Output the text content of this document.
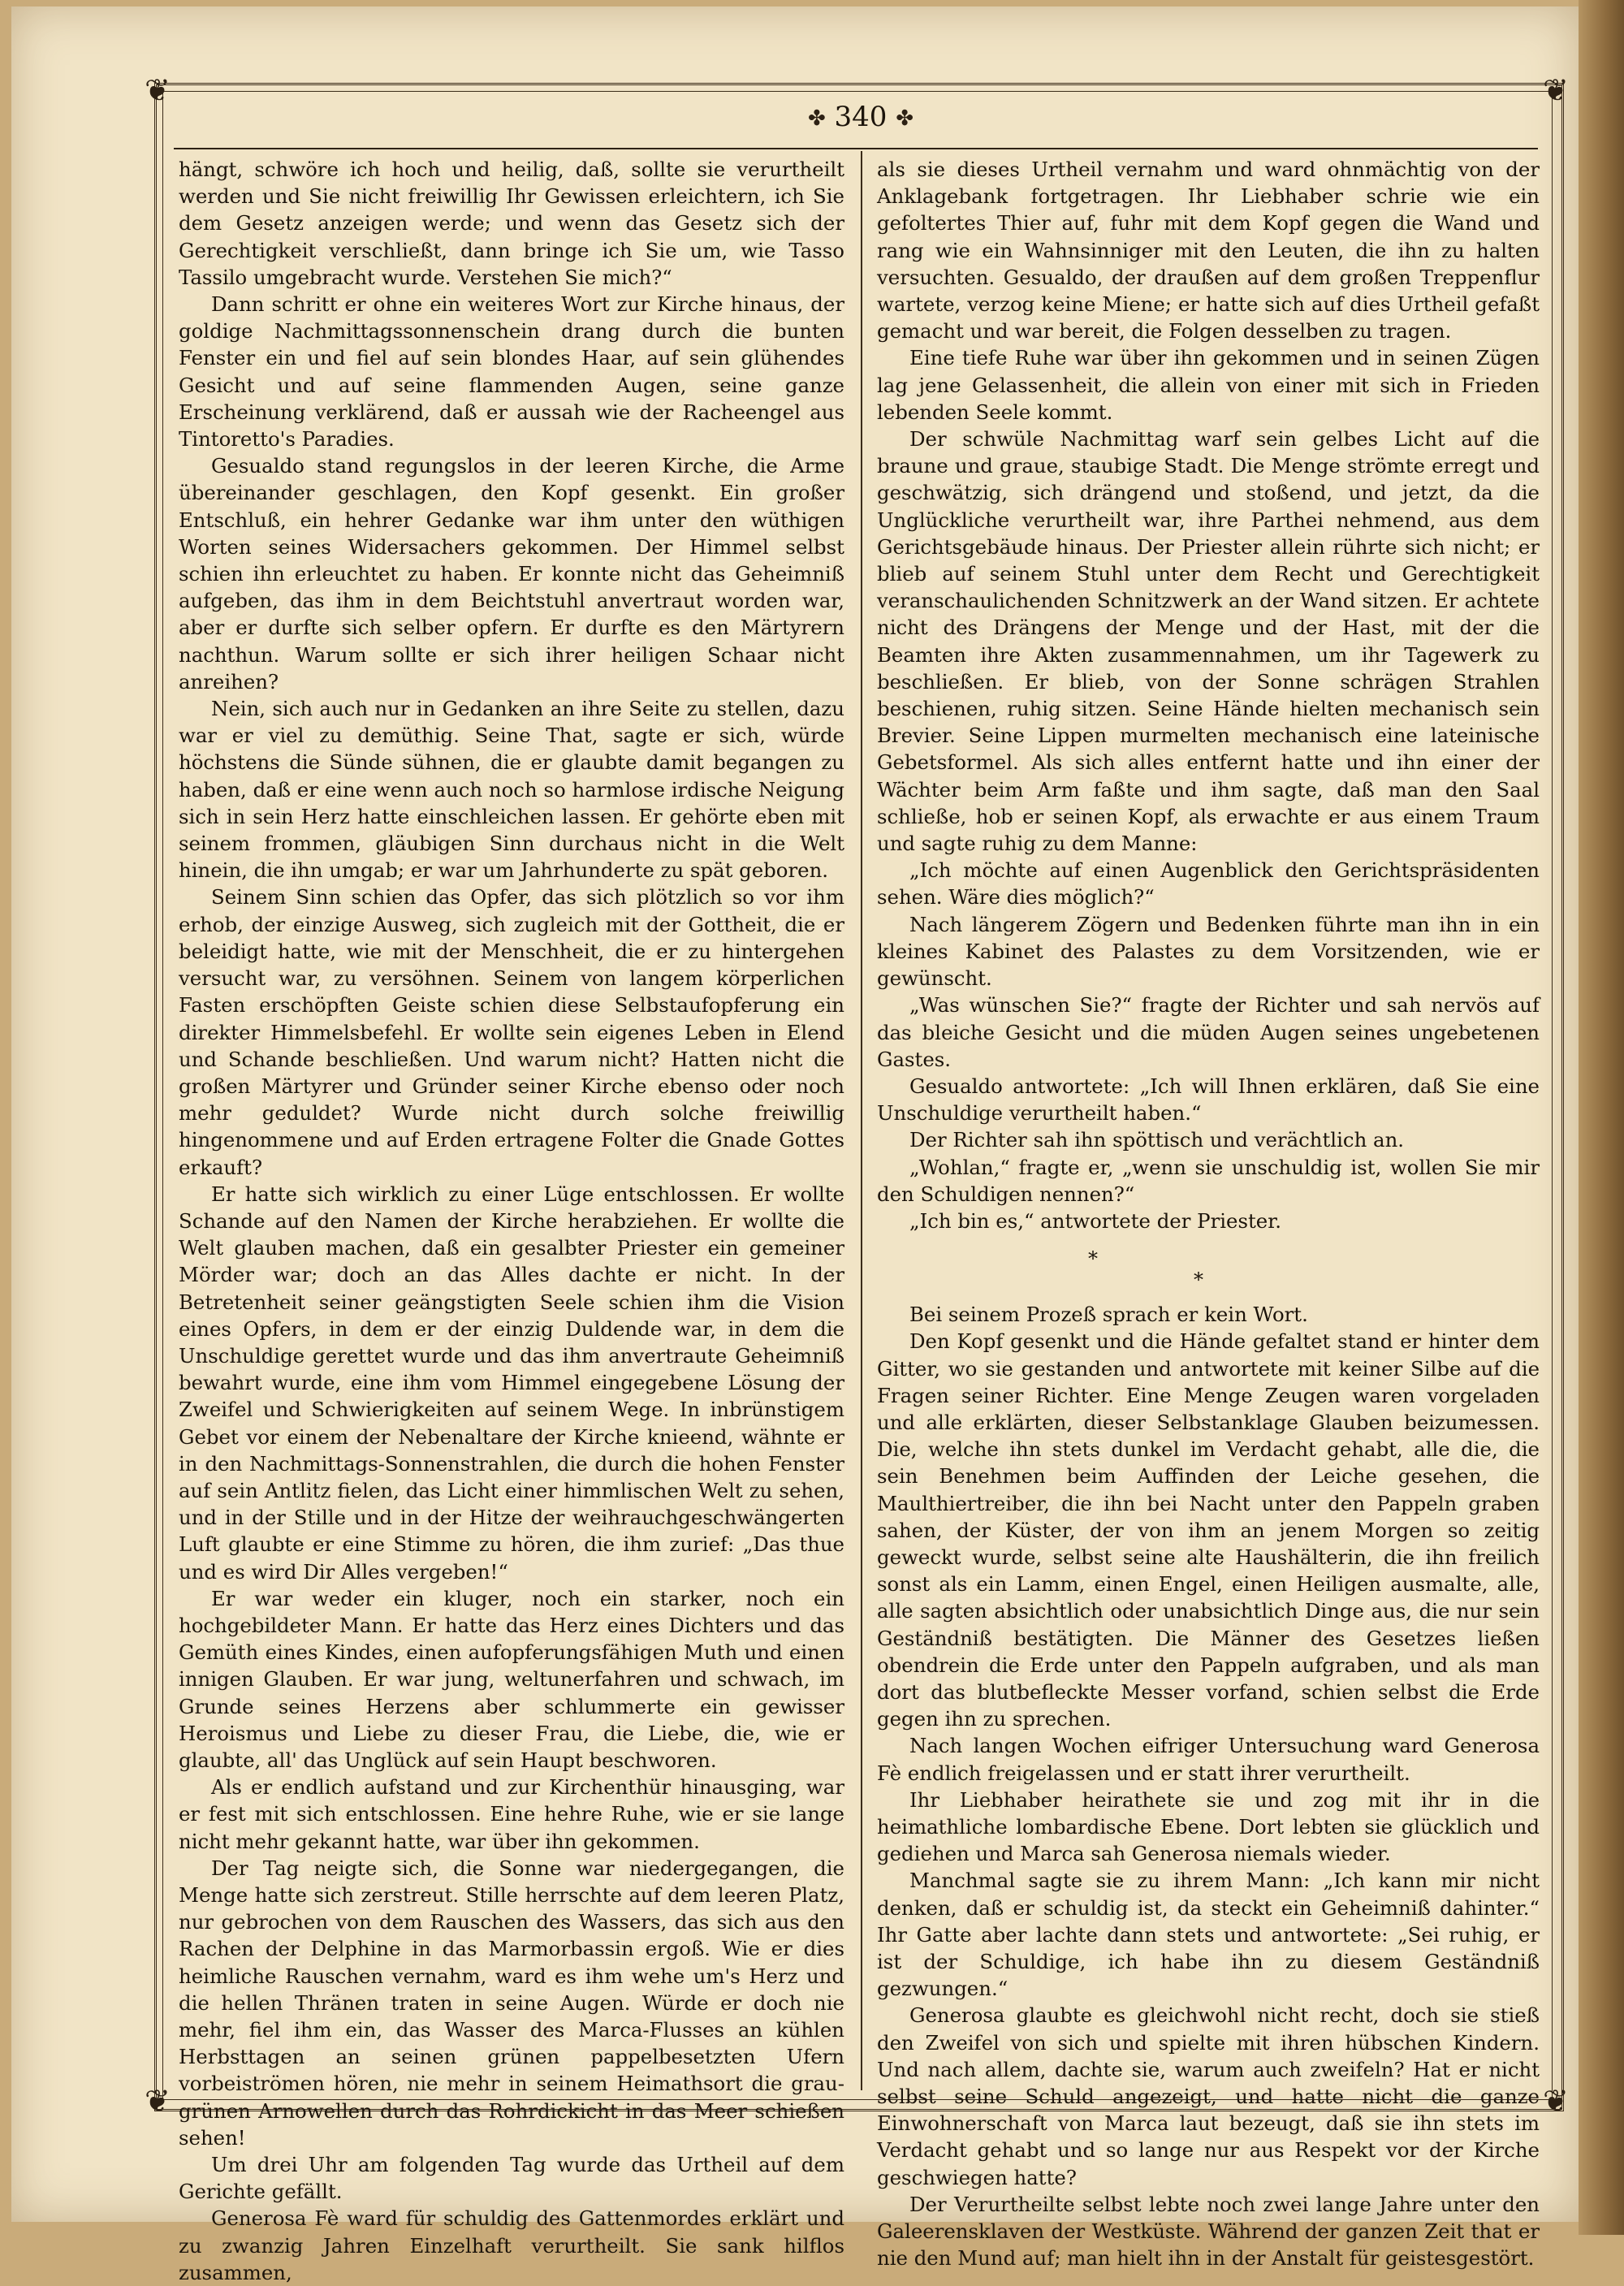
❦	❦
❦	❦
✤ 340 ✤

hängt, schwöre ich hoch und heilig, daß, sollte sie verurtheilt werden und Sie nicht freiwillig Ihr Gewissen erleichtern, ich Sie dem Gesetz anzeigen werde; und wenn das Gesetz sich der Gerechtigkeit verschließt, dann bringe ich Sie um, wie Tasso Tassilo umgebracht wurde. Verstehen Sie mich?“

Dann schritt er ohne ein weiteres Wort zur Kirche hinaus, der goldige Nachmittagssonnenschein drang durch die bunten Fenster ein und fiel auf sein blondes Haar, auf sein glühendes Gesicht und auf seine flammenden Augen, seine ganze Erscheinung verklärend, daß er aussah wie der Racheengel aus Tintoretto's Paradies.

Gesualdo stand regungslos in der leeren Kirche, die Arme übereinander geschlagen, den Kopf gesenkt. Ein großer Entschluß, ein hehrer Gedanke war ihm unter den wüthigen Worten seines Widersachers gekommen. Der Himmel selbst schien ihn erleuchtet zu haben. Er konnte nicht das Geheimniß aufgeben, das ihm in dem Beichtstuhl anvertraut worden war, aber er durfte sich selber opfern. Er durfte es den Märtyrern nachthun. Warum sollte er sich ihrer heiligen Schaar nicht anreihen?

Nein, sich auch nur in Gedanken an ihre Seite zu stellen, dazu war er viel zu demüthig. Seine That, sagte er sich, würde höchstens die Sünde sühnen, die er glaubte damit begangen zu haben, daß er eine wenn auch noch so harmlose irdische Neigung sich in sein Herz hatte einschleichen lassen. Er gehörte eben mit seinem frommen, gläubigen Sinn durchaus nicht in die Welt hinein, die ihn umgab; er war um Jahrhunderte zu spät geboren.

Seinem Sinn schien das Opfer, das sich plötzlich so vor ihm erhob, der einzige Ausweg, sich zugleich mit der Gottheit, die er beleidigt hatte, wie mit der Menschheit, die er zu hintergehen versucht war, zu versöhnen. Seinem von langem körperlichen Fasten erschöpften Geiste schien diese Selbstaufopferung ein direkter Himmelsbefehl. Er wollte sein eigenes Leben in Elend und Schande beschließen. Und warum nicht? Hatten nicht die großen Märtyrer und Gründer seiner Kirche ebenso oder noch mehr geduldet? Wurde nicht durch solche freiwillig hingenommene und auf Erden ertragene Folter die Gnade Gottes erkauft?

Er hatte sich wirklich zu einer Lüge entschlossen. Er wollte Schande auf den Namen der Kirche herabziehen. Er wollte die Welt glauben machen, daß ein gesalbter Priester ein gemeiner Mörder war; doch an das Alles dachte er nicht. In der Betretenheit seiner geängstigten Seele schien ihm die Vision eines Opfers, in dem er der einzig Duldende war, in dem die Unschuldige gerettet wurde und das ihm anvertraute Geheimniß bewahrt wurde, eine ihm vom Himmel eingegebene Lösung der Zweifel und Schwierigkeiten auf seinem Wege. In inbrünstigem Gebet vor einem der Nebenaltare der Kirche knieend, wähnte er in den Nachmittags-Sonnenstrahlen, die durch die hohen Fenster auf sein Antlitz fielen, das Licht einer himmlischen Welt zu sehen, und in der Stille und in der Hitze der weihrauchgeschwängerten Luft glaubte er eine Stimme zu hören, die ihm zurief: „Das thue und es wird Dir Alles vergeben!“

Er war weder ein kluger, noch ein starker, noch ein hochgebildeter Mann. Er hatte das Herz eines Dichters und das Gemüth eines Kindes, einen aufopferungsfähigen Muth und einen innigen Glauben. Er war jung, weltunerfahren und schwach, im Grunde seines Herzens aber schlummerte ein gewisser Heroismus und Liebe zu dieser Frau, die Liebe, die, wie er glaubte, all' das Unglück auf sein Haupt beschworen.

Als er endlich aufstand und zur Kirchenthür hinausging, war er fest mit sich entschlossen. Eine hehre Ruhe, wie er sie lange nicht mehr gekannt hatte, war über ihn gekommen.

Der Tag neigte sich, die Sonne war niedergegangen, die Menge hatte sich zerstreut. Stille herrschte auf dem leeren Platz, nur gebrochen von dem Rauschen des Wassers, das sich aus den Rachen der Delphine in das Marmorbassin ergoß. Wie er dies heimliche Rauschen vernahm, ward es ihm wehe um's Herz und die hellen Thränen traten in seine Augen. Würde er doch nie mehr, fiel ihm ein, das Wasser des Marca-Flusses an kühlen Herbsttagen an seinen grünen pappelbesetzten Ufern vorbeiströmen hören, nie mehr in seinem Heimathsort die grau-grünen Arnowellen durch das Rohrdickicht in das Meer schießen sehen!

Um drei Uhr am folgenden Tag wurde das Urtheil auf dem Gerichte gefällt.

Generosa Fè ward für schuldig des Gattenmordes erklärt und zu zwanzig Jahren Einzelhaft verurtheilt. Sie sank hilflos zusammen,

als sie dieses Urtheil vernahm und ward ohnmächtig von der Anklagebank fortgetragen. Ihr Liebhaber schrie wie ein gefoltertes Thier auf, fuhr mit dem Kopf gegen die Wand und rang wie ein Wahnsinniger mit den Leuten, die ihn zu halten versuchten. Gesualdo, der draußen auf dem großen Treppenflur wartete, verzog keine Miene; er hatte sich auf dies Urtheil gefaßt gemacht und war bereit, die Folgen desselben zu tragen.

Eine tiefe Ruhe war über ihn gekommen und in seinen Zügen lag jene Gelassenheit, die allein von einer mit sich in Frieden lebenden Seele kommt.

Der schwüle Nachmittag warf sein gelbes Licht auf die braune und graue, staubige Stadt. Die Menge strömte erregt und geschwätzig, sich drängend und stoßend, und jetzt, da die Unglückliche verurtheilt war, ihre Parthei nehmend, aus dem Gerichtsgebäude hinaus. Der Priester allein rührte sich nicht; er blieb auf seinem Stuhl unter dem Recht und Gerechtigkeit veranschaulichenden Schnitzwerk an der Wand sitzen. Er achtete nicht des Drängens der Menge und der Hast, mit der die Beamten ihre Akten zusammennahmen, um ihr Tagewerk zu beschließen. Er blieb, von der Sonne schrägen Strahlen beschienen, ruhig sitzen. Seine Hände hielten mechanisch sein Brevier. Seine Lippen murmelten mechanisch eine lateinische Gebetsformel. Als sich alles entfernt hatte und ihn einer der Wächter beim Arm faßte und ihm sagte, daß man den Saal schließe, hob er seinen Kopf, als erwachte er aus einem Traum und sagte ruhig zu dem Manne:

„Ich möchte auf einen Augenblick den Gerichtspräsidenten sehen. Wäre dies möglich?“

Nach längerem Zögern und Bedenken führte man ihn in ein kleines Kabinet des Palastes zu dem Vorsitzenden, wie er gewünscht.

„Was wünschen Sie?“ fragte der Richter und sah nervös auf das bleiche Gesicht und die müden Augen seines ungebetenen Gastes.

Gesualdo antwortete: „Ich will Ihnen erklären, daß Sie eine Unschuldige verurtheilt haben.“

Der Richter sah ihn spöttisch und verächtlich an.

„Wohlan,“ fragte er, „wenn sie unschuldig ist, wollen Sie mir den Schuldigen nennen?“

„Ich bin es,“ antwortete der Priester.

*
*

Bei seinem Prozeß sprach er kein Wort.

Den Kopf gesenkt und die Hände gefaltet stand er hinter dem Gitter, wo sie gestanden und antwortete mit keiner Silbe auf die Fragen seiner Richter. Eine Menge Zeugen waren vorgeladen und alle erklärten, dieser Selbstanklage Glauben beizumessen. Die, welche ihn stets dunkel im Verdacht gehabt, alle die, die sein Benehmen beim Auffinden der Leiche gesehen, die Maulthiertreiber, die ihn bei Nacht unter den Pappeln graben sahen, der Küster, der von ihm an jenem Morgen so zeitig geweckt wurde, selbst seine alte Haushälterin, die ihn freilich sonst als ein Lamm, einen Engel, einen Heiligen ausmalte, alle, alle sagten absichtlich oder unabsichtlich Dinge aus, die nur sein Geständniß bestätigten. Die Männer des Gesetzes ließen obendrein die Erde unter den Pappeln aufgraben, und als man dort das blutbefleckte Messer vorfand, schien selbst die Erde gegen ihn zu sprechen.

Nach langen Wochen eifriger Untersuchung ward Generosa Fè endlich freigelassen und er statt ihrer verurtheilt.

Ihr Liebhaber heirathete sie und zog mit ihr in die heimathliche lombardische Ebene. Dort lebten sie glücklich und gediehen und Marca sah Generosa niemals wieder.

Manchmal sagte sie zu ihrem Mann: „Ich kann mir nicht denken, daß er schuldig ist, da steckt ein Geheimniß dahinter.“ Ihr Gatte aber lachte dann stets und antwortete: „Sei ruhig, er ist der Schuldige, ich habe ihn zu diesem Geständniß gezwungen.“

Generosa glaubte es gleichwohl nicht recht, doch sie stieß den Zweifel von sich und spielte mit ihren hübschen Kindern. Und nach allem, dachte sie, warum auch zweifeln? Hat er nicht selbst seine Schuld angezeigt, und hatte nicht die ganze Einwohnerschaft von Marca laut bezeugt, daß sie ihn stets im Verdacht gehabt und so lange nur aus Respekt vor der Kirche geschwiegen hatte?

Der Verurtheilte selbst lebte noch zwei lange Jahre unter den Galeerensklaven der Westküste. Während der ganzen Zeit that er nie den Mund auf; man hielt ihn in der Anstalt für geistesgestört.
